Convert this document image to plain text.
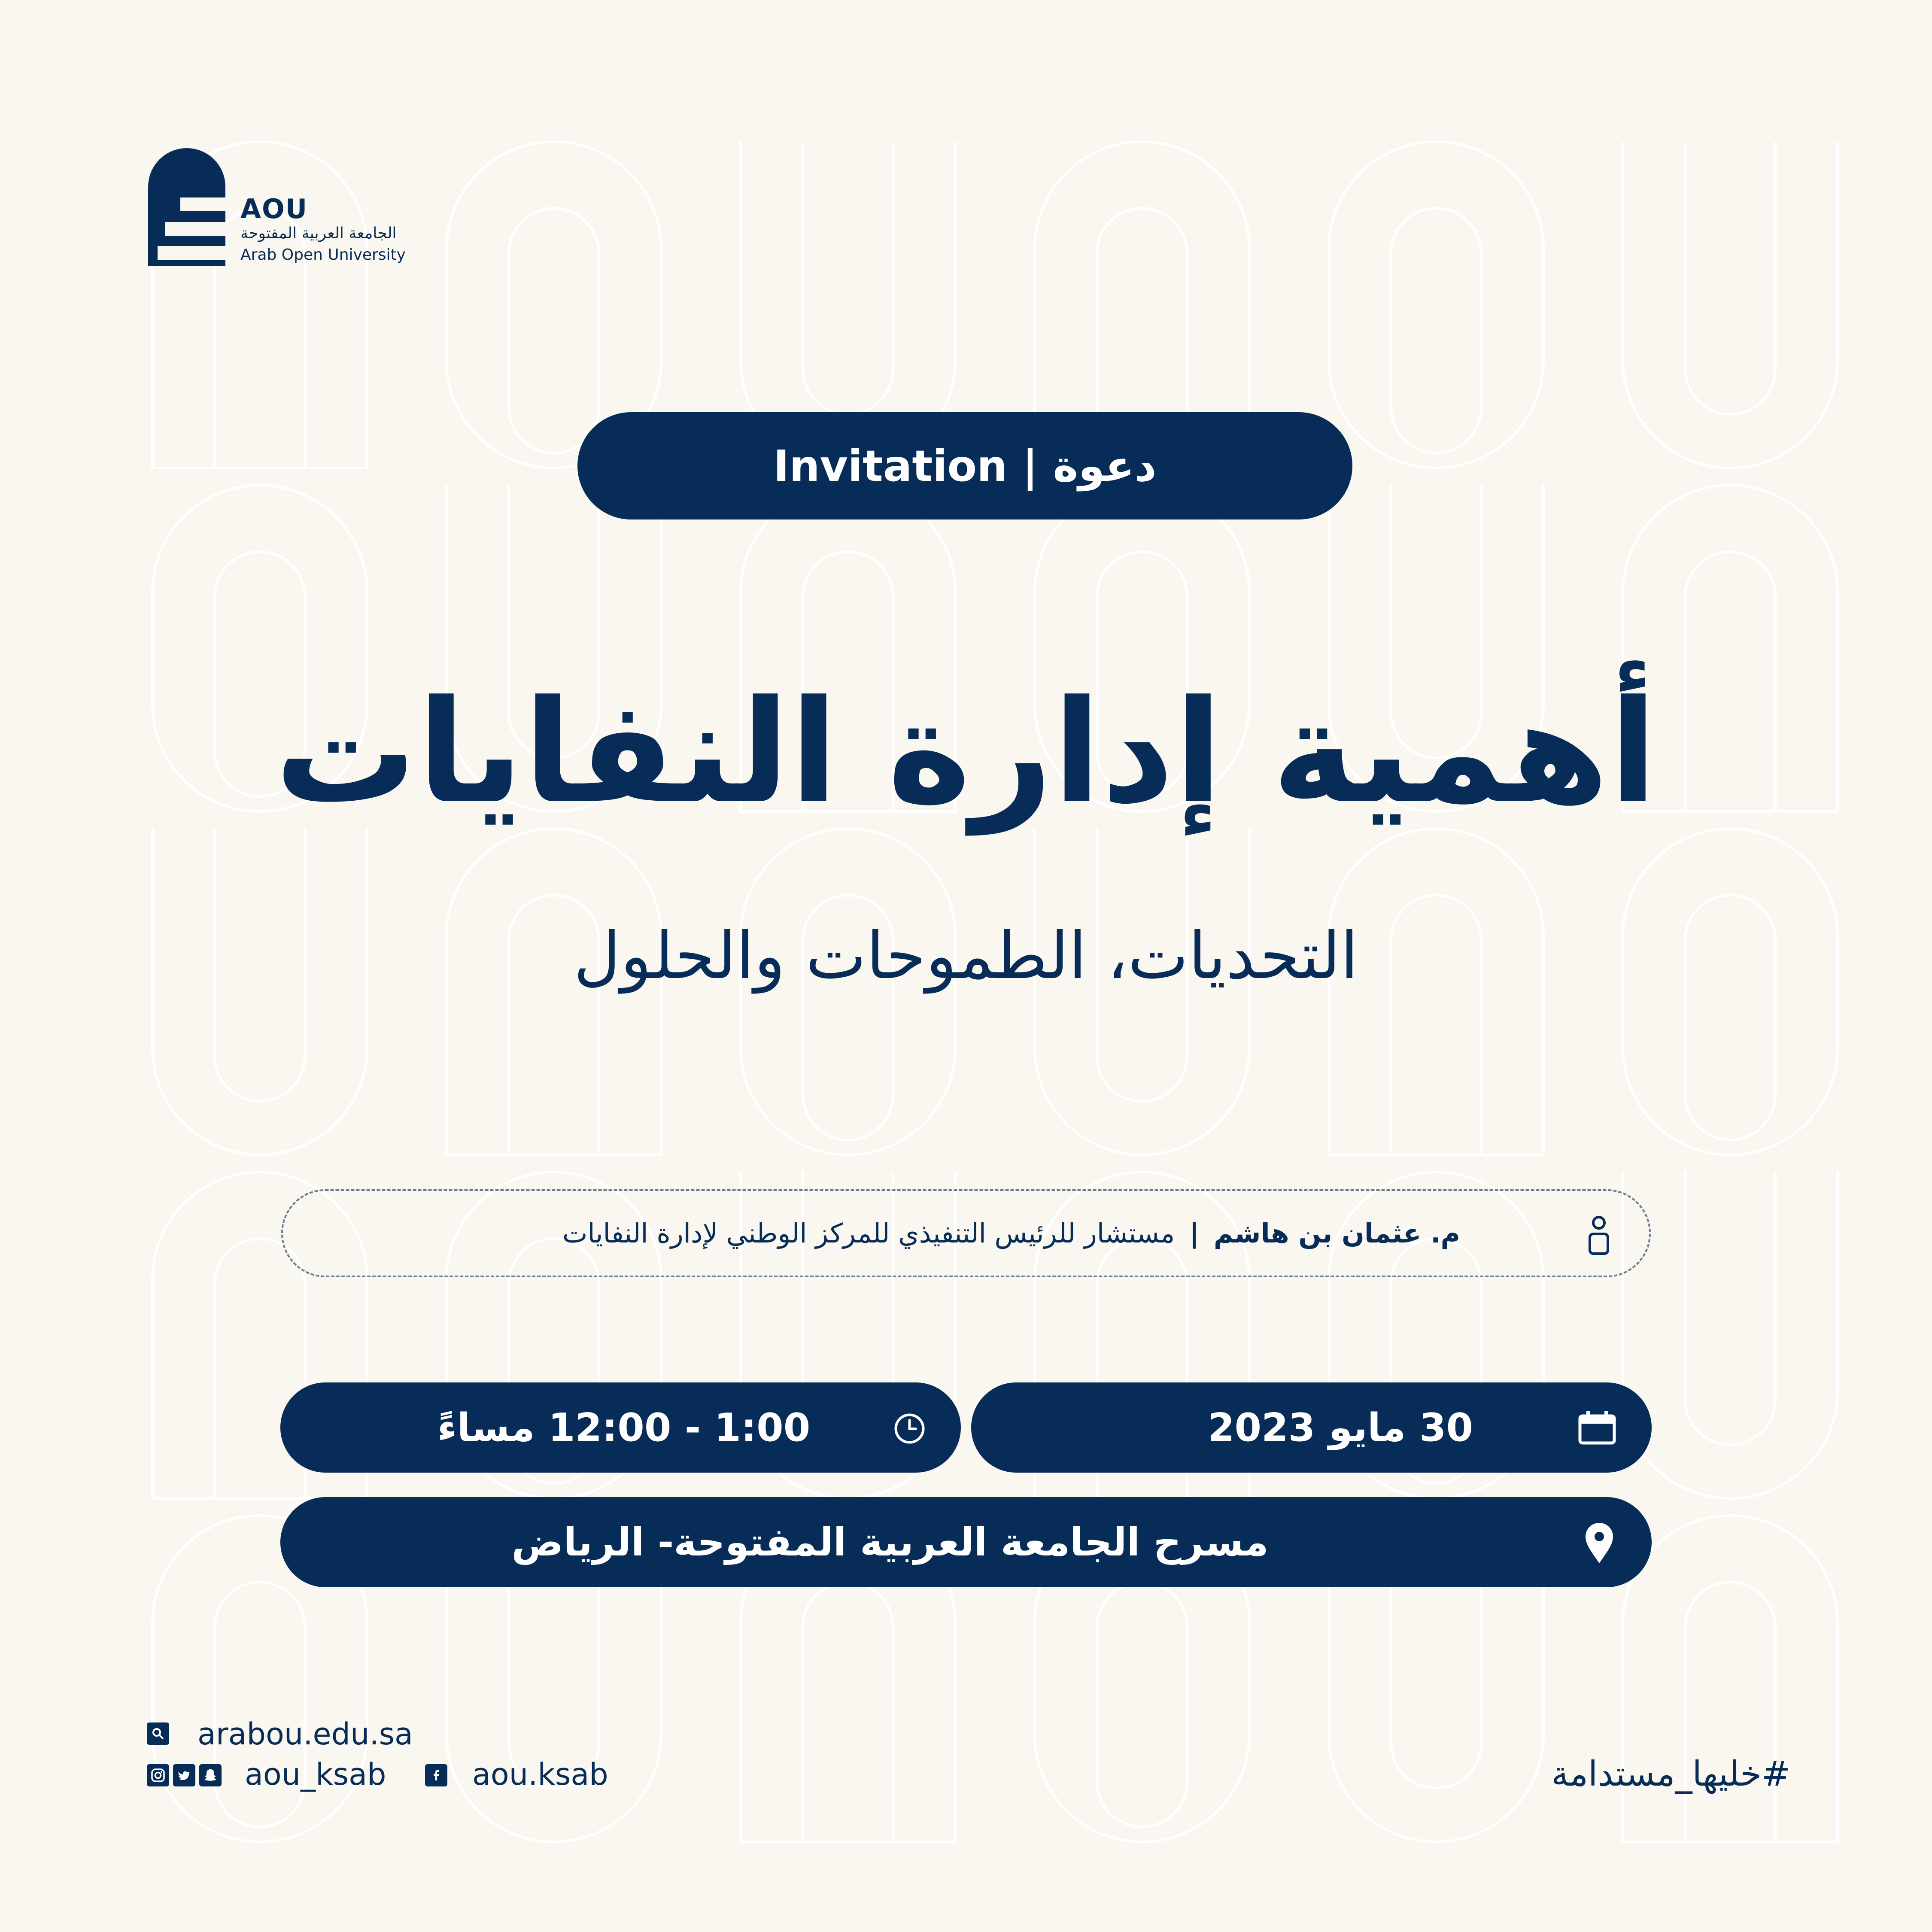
AOU
الجامعة العربية المفتوحة
Arab Open University
Invitation | دعوة
أهمية إدارة النفايات
التحديات، الطموحات والحلول
م. عثمان بن هاشم
|
مستشار للرئيس التنفيذي للمركز الوطني لإدارة النفايات
1:00 - 12:00 مساءً	30 مايو 2023
مسرح الجامعة العربية المفتوحة- الرياض
arabou.edu.sa
aou_ksab	aou.ksab	#خليها_مستدامة
